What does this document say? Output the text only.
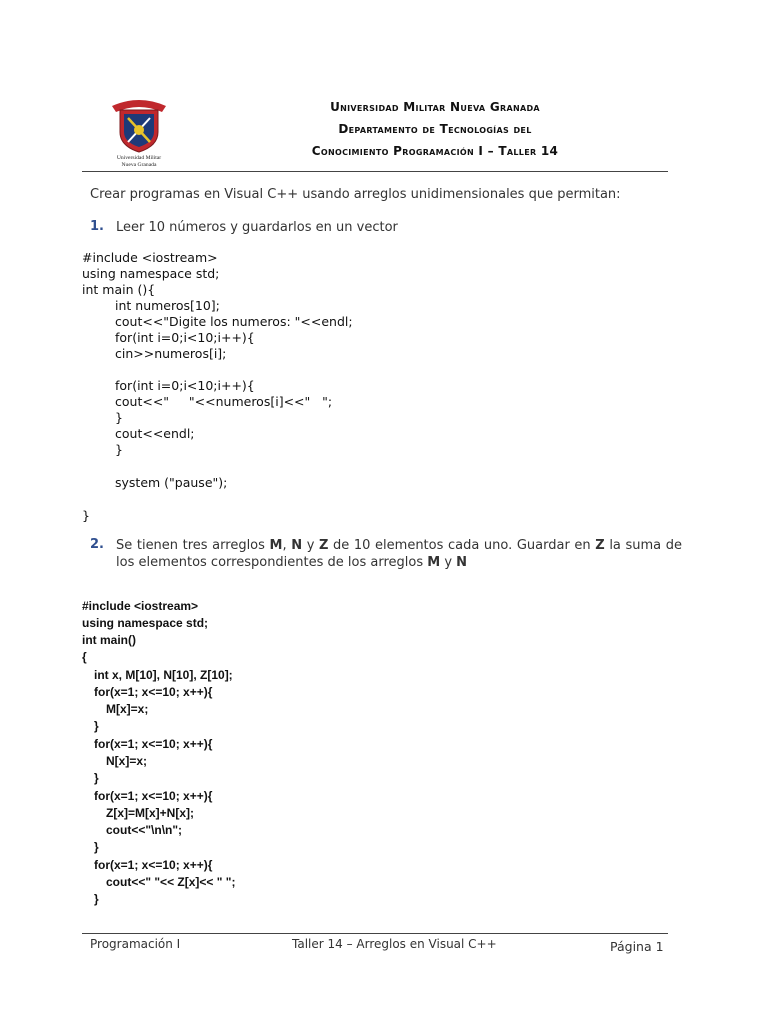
Universidad Militar
Nueva Granada
Universidad Militar Nueva Granada
Departamento de Tecnologías del
Conocimiento Programación I – Taller 14
Crear programas en Visual C++ usando arreglos unidimensionales que permitan:
1. Leer 10 números y guardarlos en un vector
#include <iostream>
using namespace std;
int main (){
int numeros[10];
cout<<"Digite los numeros: "<<endl;
for(int i=0;i<10;i++){
cin>>numeros[i];
for(int i=0;i<10;i++){
cout<<"     "<<numeros[i]<<"   ";
}
cout<<endl;
}
system ("pause");
}
2. Se tienen tres arreglos M, N y Z de 10 elementos cada uno. Guardar en Z la suma de los elementos correspondientes de los arreglos M y N
#include <iostream>
using namespace std;
int main()
{
int x, M[10], N[10], Z[10];
for(x=1; x<=10; x++){
M[x]=x;
}
for(x=1; x<=10; x++){
N[x]=x;
}
for(x=1; x<=10; x++){
Z[x]=M[x]+N[x];
cout<<"\n\n";
}
for(x=1; x<=10; x++){
cout<<" "<< Z[x]<< " ";
}
Programación I	Taller 14 – Arreglos en Visual C++	Página 1
